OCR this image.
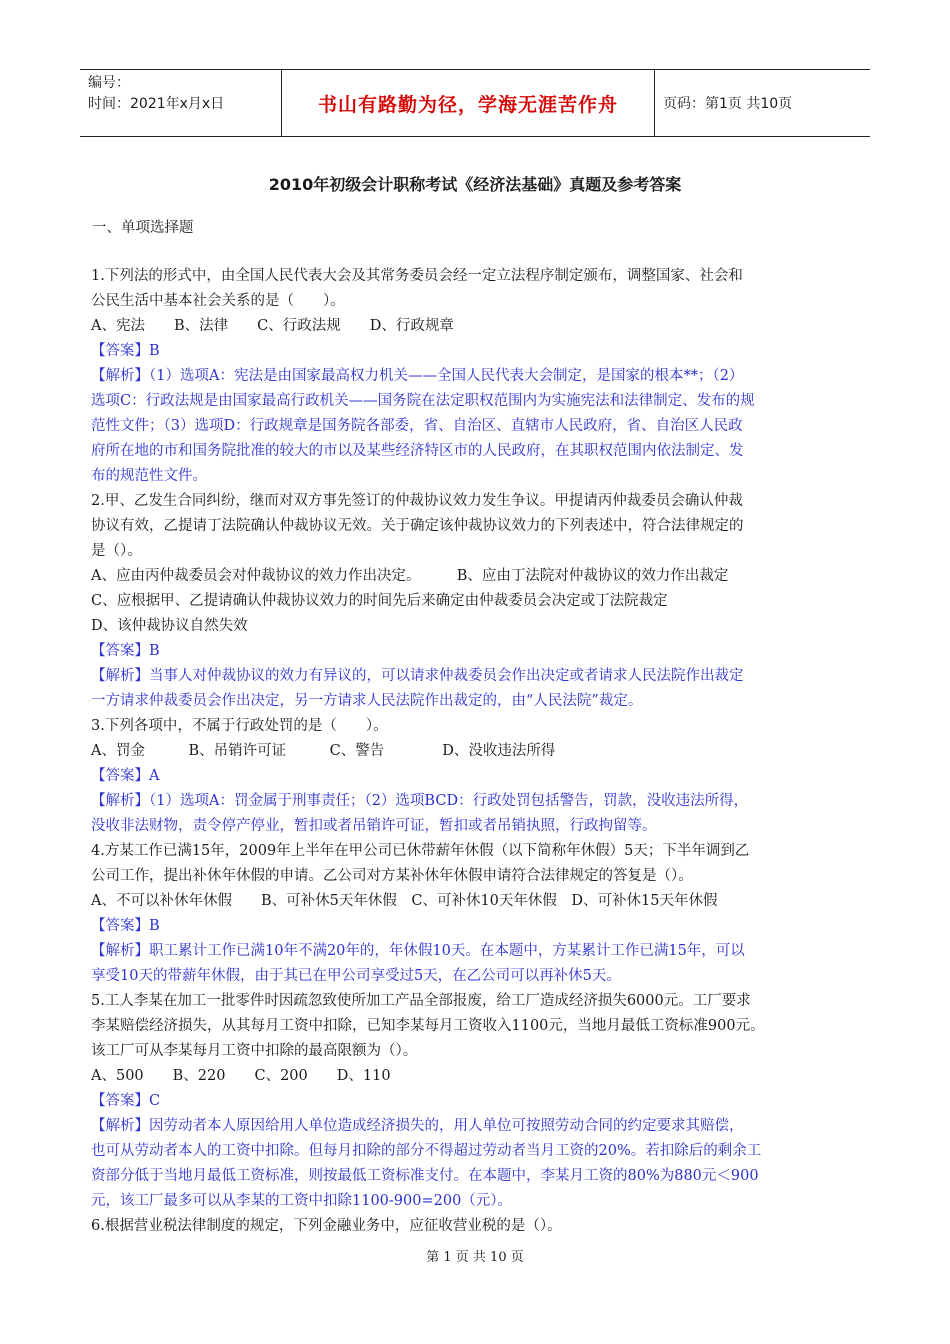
编号：
时间：2021年x月x日	书山有路勤为径，学海无涯苦作舟	页码：第1页 共10页
2010年初级会计职称考试《经济法基础》真题及参考答案
一、单项选择题
1.下列法的形式中，由全国人民代表大会及其常务委员会经一定立法程序制定颁布，调整国家、社会和
公民生活中基本社会关系的是（　　）。
A、宪法　　B、法律　　C、行政法规　　D、行政规章
【答案】B
【解析】（1）选项A：宪法是由国家最高权力机关——全国人民代表大会制定，是国家的根本**；（2）
选项C：行政法规是由国家最高行政机关——国务院在法定职权范围内为实施宪法和法律制定、发布的规
范性文件；（3）选项D：行政规章是国务院各部委，省、自治区、直辖市人民政府，省、自治区人民政
府所在地的市和国务院批准的较大的市以及某些经济特区市的人民政府，在其职权范围内依法制定、发
布的规范性文件。
2.甲、乙发生合同纠纷，继而对双方事先签订的仲裁协议效力发生争议。甲提请丙仲裁委员会确认仲裁
协议有效，乙提请丁法院确认仲裁协议无效。关于确定该仲裁协议效力的下列表述中，符合法律规定的
是（）。
A、应由丙仲裁委员会对仲裁协议的效力作出决定。　　　B、应由丁法院对仲裁协议的效力作出裁定
C、应根据甲、乙提请确认仲裁协议效力的时间先后来确定由仲裁委员会决定或丁法院裁定
D、该仲裁协议自然失效
【答案】B
【解析】当事人对仲裁协议的效力有异议的，可以请求仲裁委员会作出决定或者请求人民法院作出裁定
一方请求仲裁委员会作出决定，另一方请求人民法院作出裁定的，由“人民法院”裁定。
3.下列各项中，不属于行政处罚的是（　　）。
A、罚金　　　B、吊销许可证　　　C、警告　　　　D、没收违法所得
【答案】A
【解析】（1）选项A：罚金属于刑事责任；（2）选项BCD：行政处罚包括警告，罚款，没收违法所得，
没收非法财物，责令停产停业，暂扣或者吊销许可证，暂扣或者吊销执照，行政拘留等。
4.方某工作已满15年，2009年上半年在甲公司已休带薪年休假（以下简称年休假）5天；下半年调到乙
公司工作，提出补休年休假的申请。乙公司对方某补休年休假申请符合法律规定的答复是（）。
A、不可以补休年休假　　B、可补休5天年休假　C、可补休10天年休假　D、可补休15天年休假
【答案】B
【解析】职工累计工作已满10年不满20年的，年休假10天。在本题中，方某累计工作已满15年，可以
享受10天的带薪年休假，由于其已在甲公司享受过5天，在乙公司可以再补休5天。
5.工人李某在加工一批零件时因疏忽致使所加工产品全部报废，给工厂造成经济损失6000元。工厂要求
李某赔偿经济损失，从其每月工资中扣除，已知李某每月工资收入1100元，当地月最低工资标准900元。
该工厂可从李某每月工资中扣除的最高限额为（）。
A、500　　B、220　　C、200　　D、110
【答案】C
【解析】因劳动者本人原因给用人单位造成经济损失的，用人单位可按照劳动合同的约定要求其赔偿，
也可从劳动者本人的工资中扣除。但每月扣除的部分不得超过劳动者当月工资的20%。若扣除后的剩余工
资部分低于当地月最低工资标准，则按最低工资标准支付。在本题中，李某月工资的80%为880元＜900
元，该工厂最多可以从李某的工资中扣除1100-900=200（元）。
6.根据营业税法律制度的规定，下列金融业务中，应征收营业税的是（）。
第 1 页 共 10 页
